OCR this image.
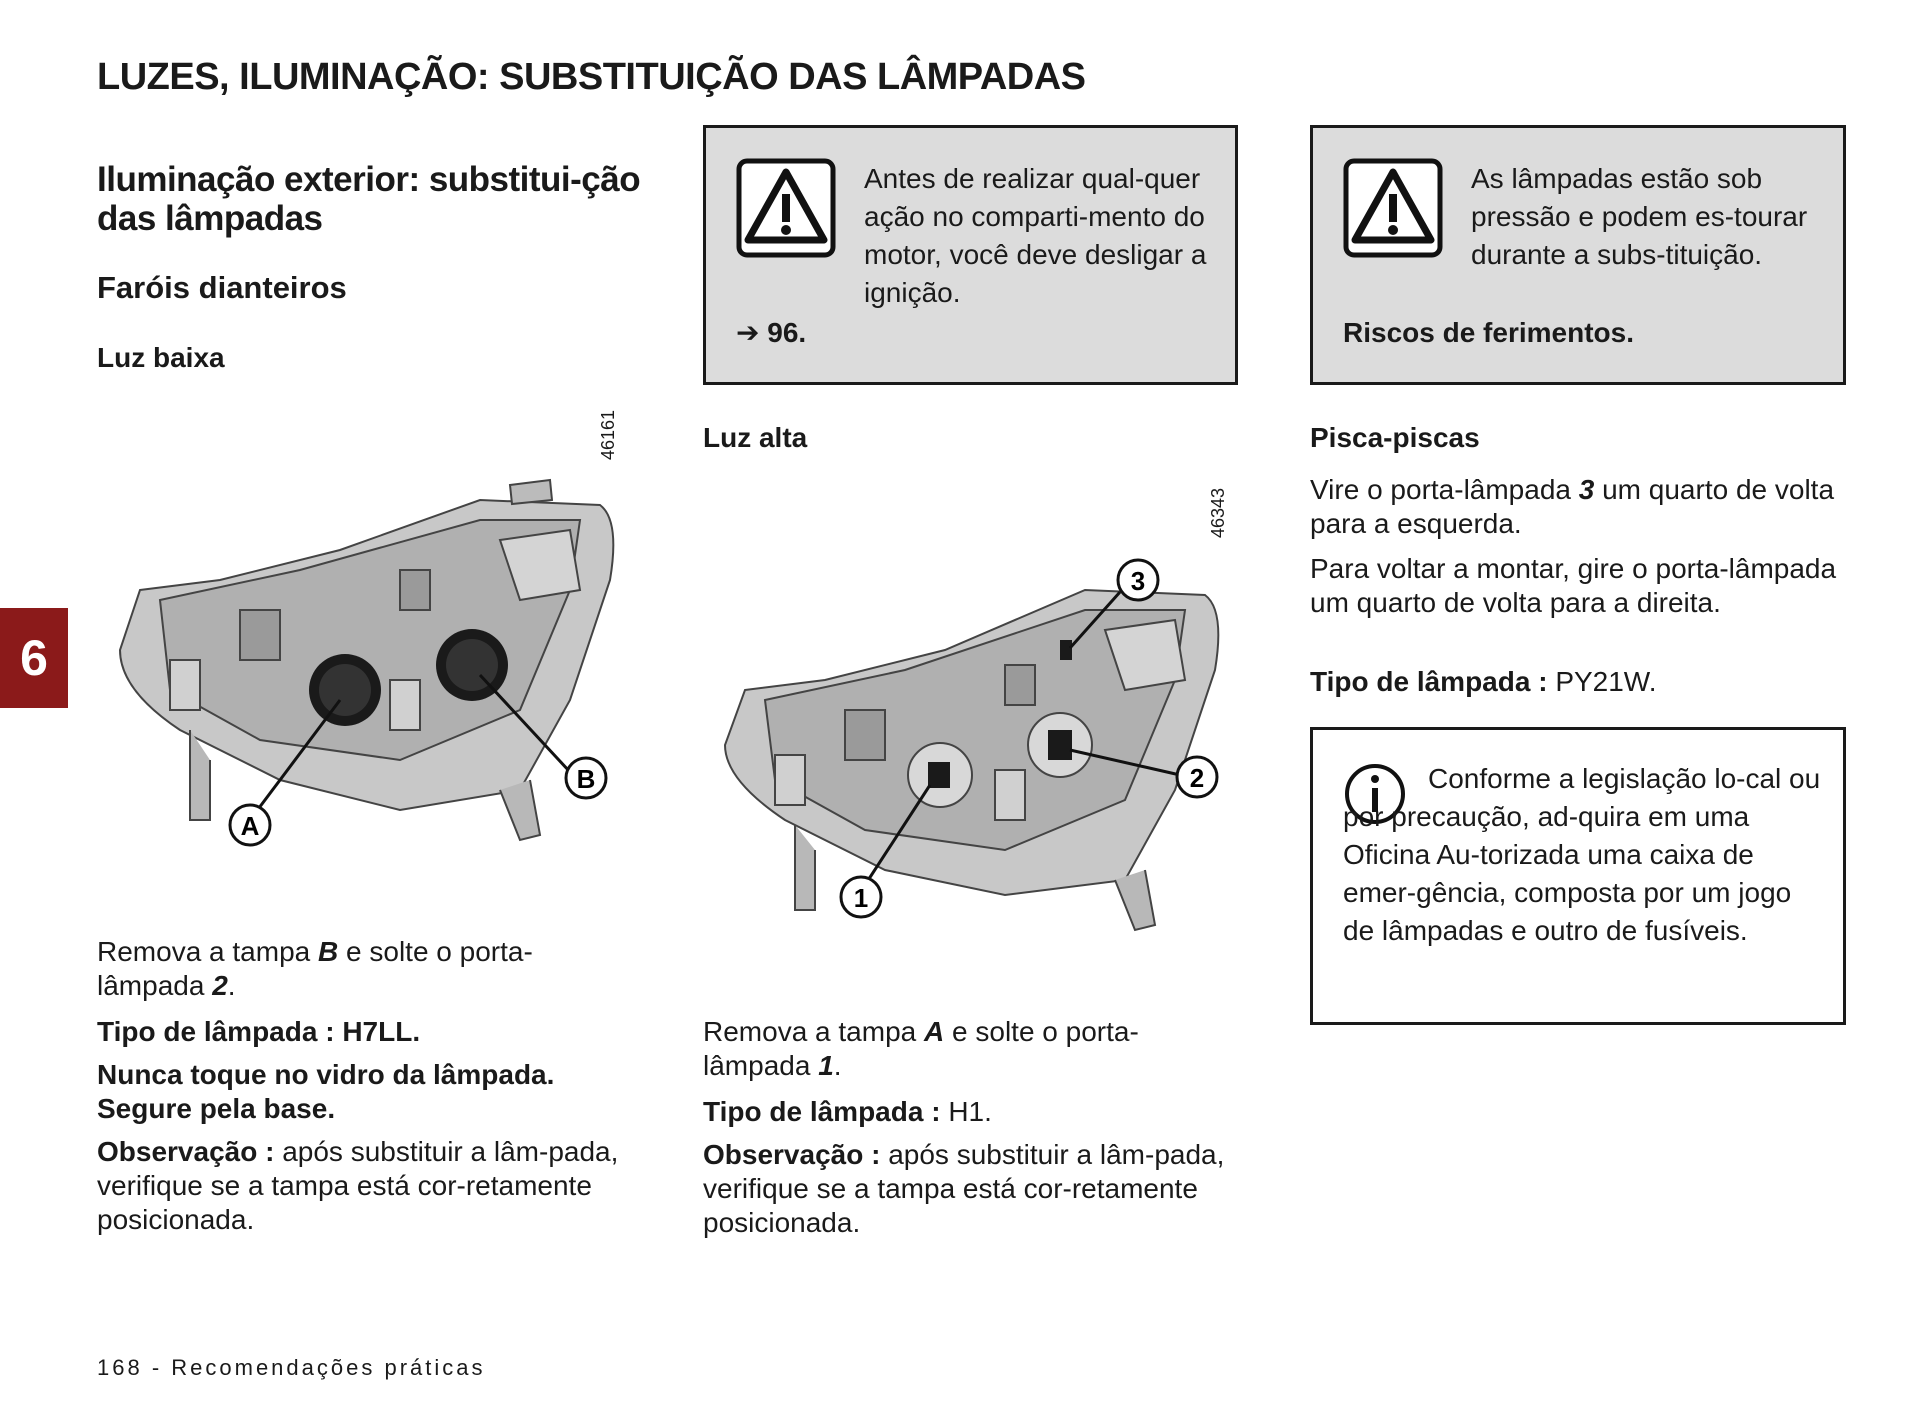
LUZES, ILUMINAÇÃO: SUBSTITUIÇÃO DAS LÂMPADAS
6
Iluminação exterior: substitui-ção das lâmpadas
Faróis dianteiros
Luz baixa
46161
A
B

Remova a tampa B e solte o porta-lâmpada 2.

Tipo de lâmpada : H7LL.

Nunca toque no vidro da lâmpada. Segure pela base.

Observação : após substituir a lâm-pada, verifique se a tampa está cor-retamente posicionada.

Antes de realizar qual-quer ação no comparti-mento do motor, você deve desligar a ignição.
➔ 96.
Luz alta
46343
1
2
3

Remova a tampa A e solte o porta-lâmpada 1.

Tipo de lâmpada : H1.

Observação : após substituir a lâm-pada, verifique se a tampa está cor-retamente posicionada.

As lâmpadas estão sob pressão e podem es-tourar durante a subs-tituição.
Riscos de ferimentos.
Pisca-piscas

Vire o porta-lâmpada 3 um quarto de volta para a esquerda.

Para voltar a montar, gire o porta-lâmpada um quarto de volta para a direita.

Tipo de lâmpada : PY21W.

Conforme a legislação lo-cal ou por precaução, ad-quira em uma Oficina Au-torizada uma caixa de emer-gência, composta por um jogo de lâmpadas e outro de fusíveis.
168 - Recomendações práticas
